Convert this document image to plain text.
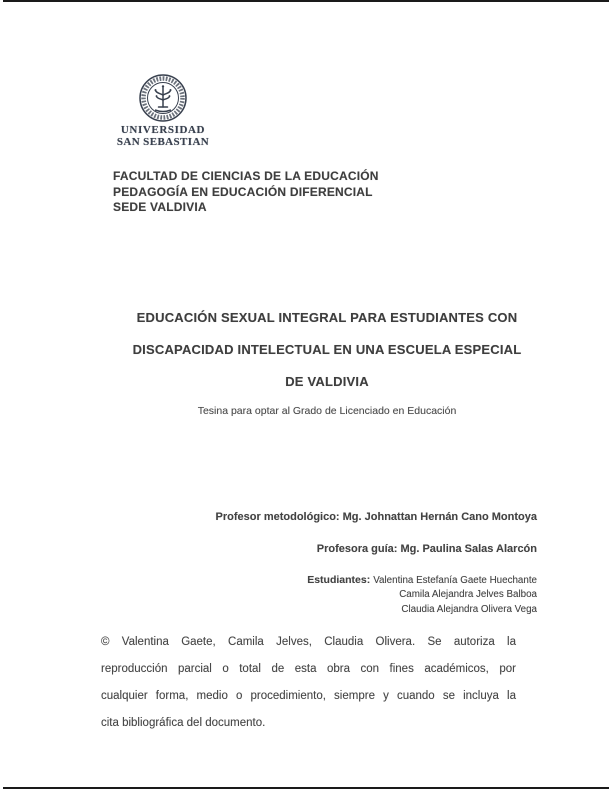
UNIVERSIDAD
SAN SEBASTIAN
FACULTAD DE CIENCIAS DE LA EDUCACIÓN
PEDAGOGÍA EN EDUCACIÓN DIFERENCIAL
SEDE VALDIVIA
EDUCACIÓN SEXUAL INTEGRAL PARA ESTUDIANTES CON
DISCAPACIDAD INTELECTUAL EN UNA ESCUELA ESPECIAL
DE VALDIVIA
Tesina para optar al Grado de Licenciado en Educación
Profesor metodológico: Mg. Johnattan Hernán Cano Montoya
Profesora guía: Mg. Paulina Salas Alarcón
Estudiantes: Valentina Estefanía Gaete Huechante
Camila Alejandra Jelves Balboa
Claudia Alejandra Olivera Vega
© Valentina Gaete, Camila Jelves, Claudia Olivera. Se autoriza la
reproducción parcial o total de esta obra con fines académicos, por
cualquier forma, medio o procedimiento, siempre y cuando se incluya la
cita bibliográfica del documento.
